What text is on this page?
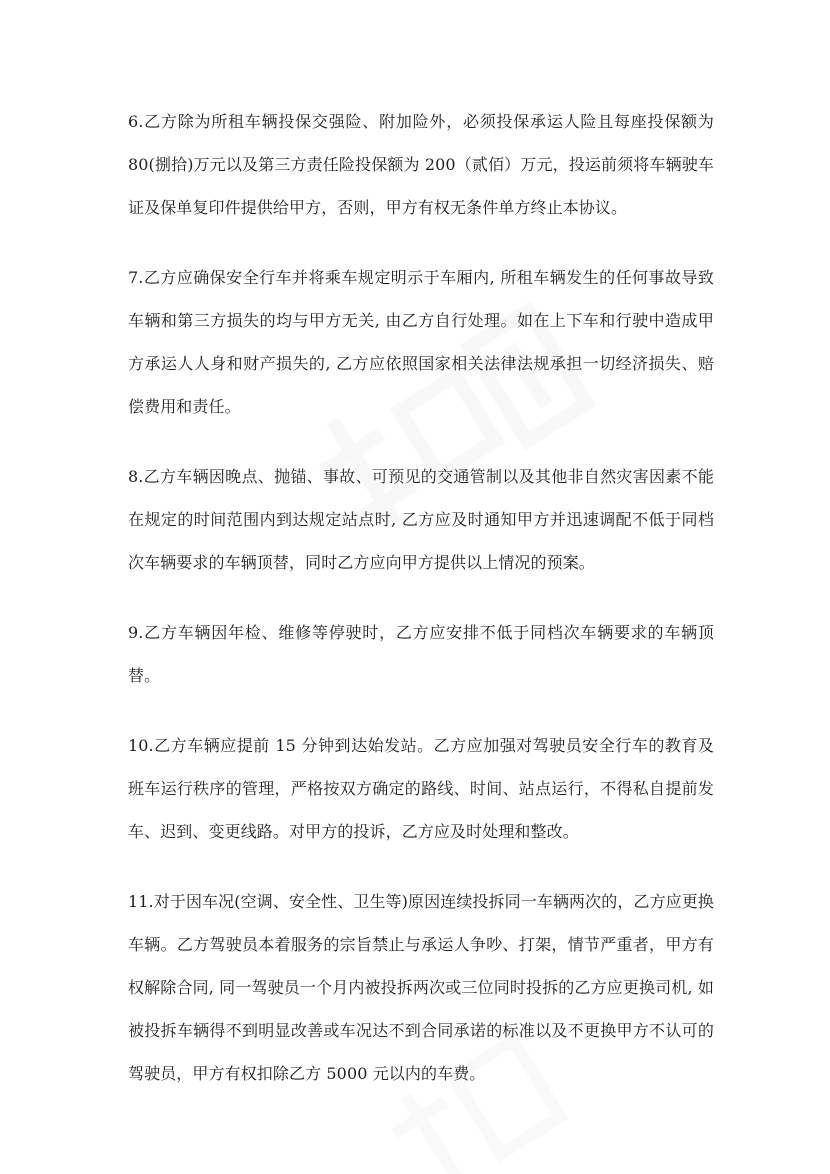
6.乙方除为所租车辆投保交强险、附加险外，必须投保承运人险且每座投保额为80(捌拾)万元以及第三方责任险投保额为 200（贰佰）万元，投运前须将车辆驶车证及保单复印件提供给甲方，否则，甲方有权无条件单方终止本协议。

7.乙方应确保安全行车并将乘车规定明示于车厢内, 所租车辆发生的任何事故导致车辆和第三方损失的均与甲方无关, 由乙方自行处理。如在上下车和行驶中造成甲方承运人人身和财产损失的, 乙方应依照国家相关法律法规承担一切经济损失、赔偿费用和责任。

8.乙方车辆因晚点、抛锚、事故、可预见的交通管制以及其他非自然灾害因素不能在规定的时间范围内到达规定站点时, 乙方应及时通知甲方并迅速调配不低于同档次车辆要求的车辆顶替，同时乙方应向甲方提供以上情况的预案。

9.乙方车辆因年检、维修等停驶时，乙方应安排不低于同档次车辆要求的车辆顶替。

10.乙方车辆应提前 15 分钟到达始发站。乙方应加强对驾驶员安全行车的教育及班车运行秩序的管理，严格按双方确定的路线、时间、站点运行，不得私自提前发车、迟到、变更线路。对甲方的投诉，乙方应及时处理和整改。

11.对于因车况(空调、安全性、卫生等)原因连续投拆同一车辆两次的，乙方应更换车辆。乙方驾驶员本着服务的宗旨禁止与承运人争吵、打架，情节严重者，甲方有权解除合同, 同一驾驶员一个月内被投拆两次或三位同时投拆的乙方应更换司机, 如被投拆车辆得不到明显改善或车况达不到合同承诺的标准以及不更换甲方不认可的驾驶员，甲方有权扣除乙方 5000 元以内的车费。
